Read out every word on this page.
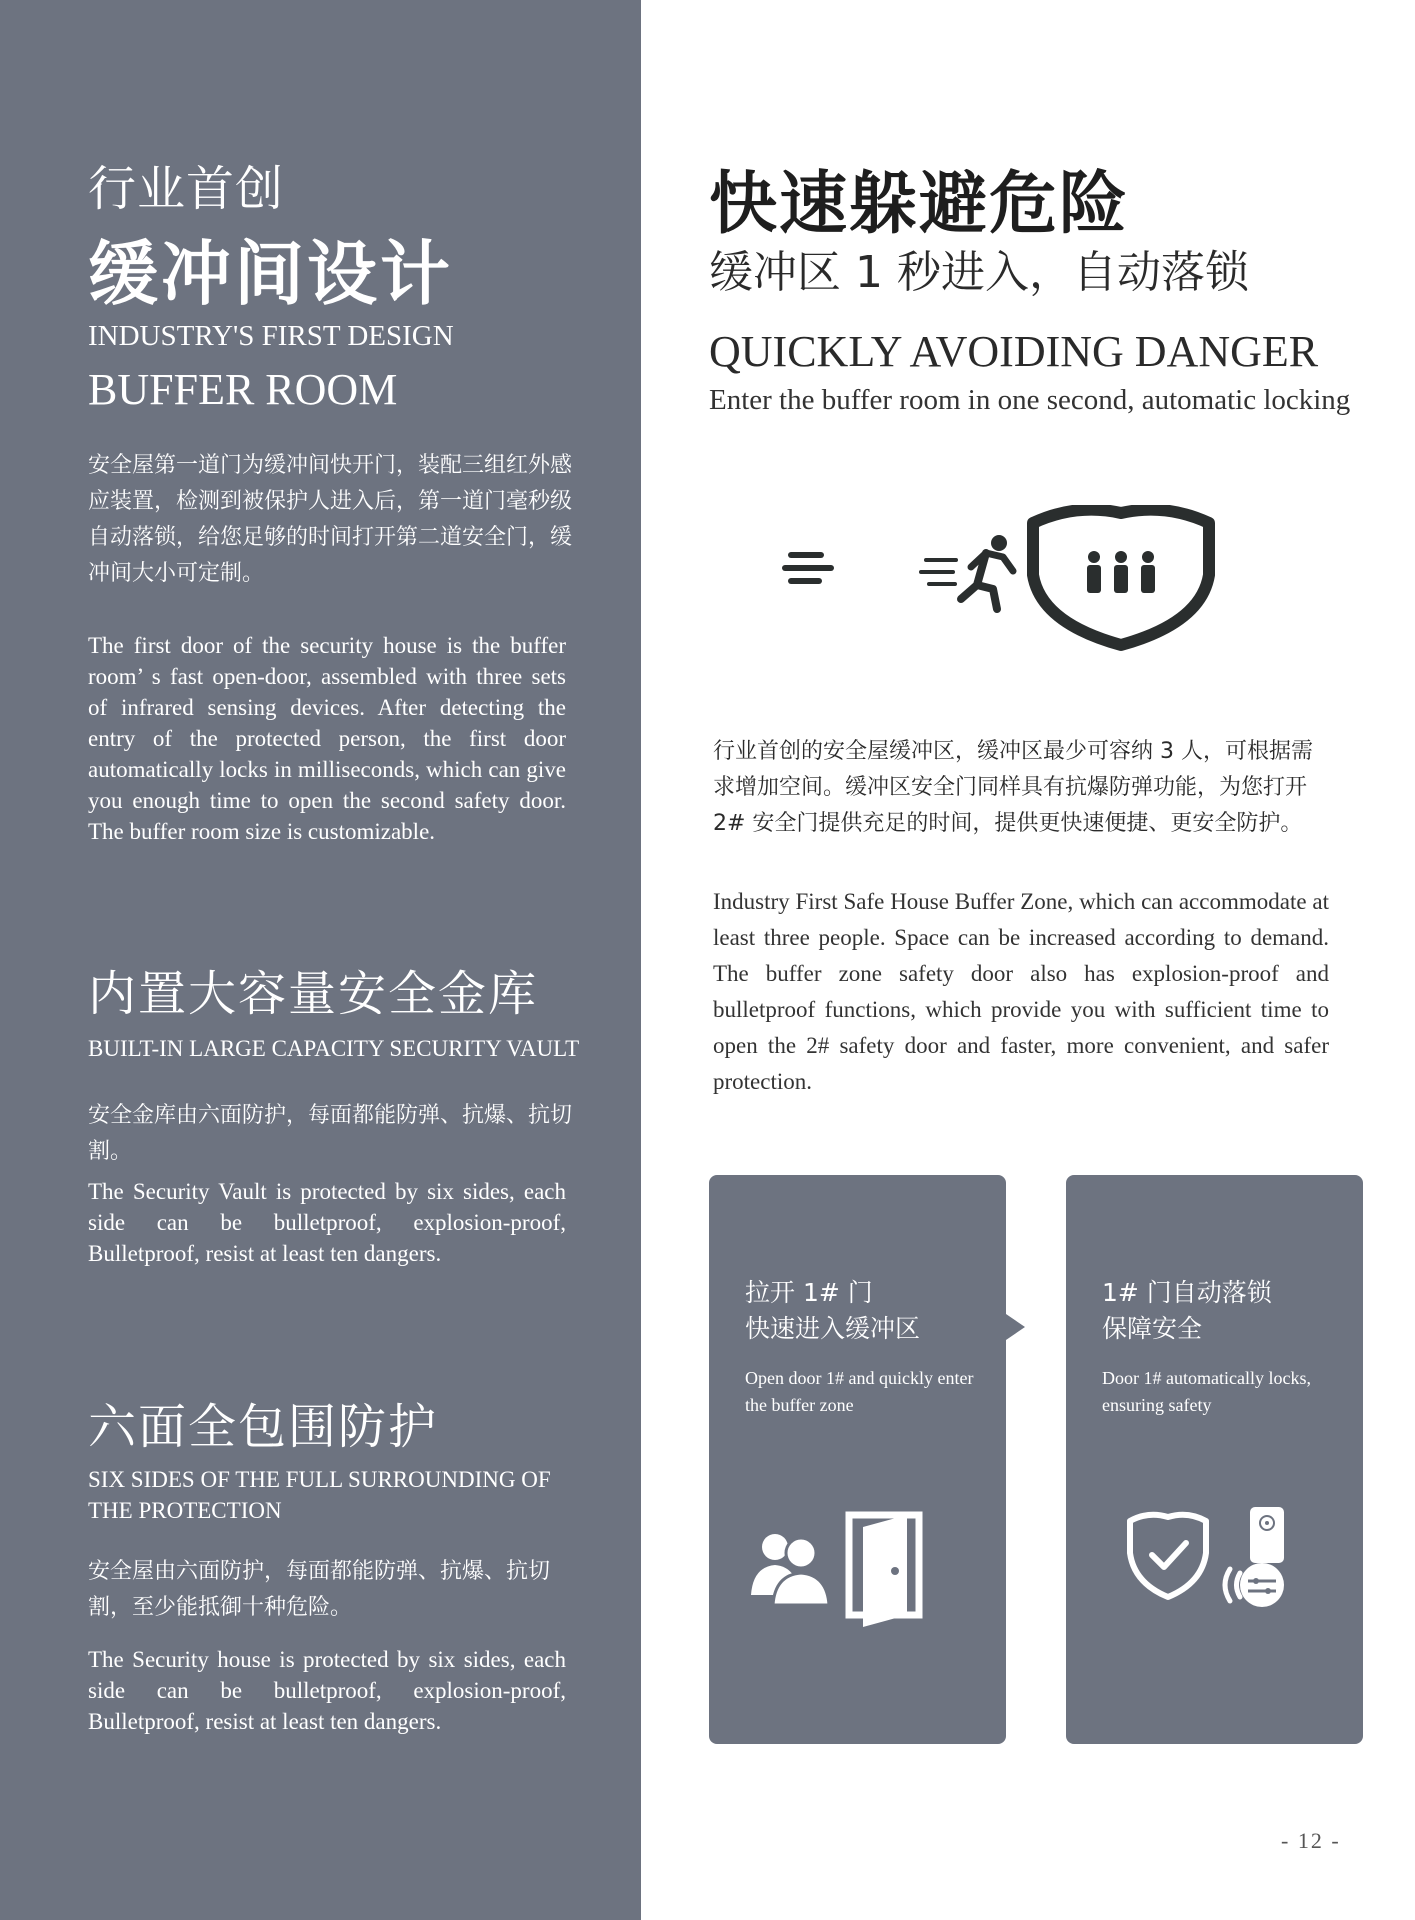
行业首创
缓冲间设计
INDUSTRY'S FIRST DESIGN
BUFFER ROOM
安全屋第一道门为缓冲间快开门，装配三组红外感应装置，检测到被保护人进入后，第一道门毫秒级自动落锁，给您足够的时间打开第二道安全门，缓冲间大小可定制。
The first door of the security house is the buffer room’ s fast open-door, assembled with three sets of infrared sensing devices. After detecting the entry of the protected person, the first door automatically locks in milliseconds, which can give you enough time to open the second safety door. The buffer room size is customizable.
内置大容量安全金库
BUILT-IN LARGE CAPACITY SECURITY VAULT
安全金库由六面防护，每面都能防弹、抗爆、抗切割。
The Security Vault is protected by six sides, each side can be bulletproof, explosion-proof, Bulletproof, resist at least ten dangers.
六面全包围防护
SIX SIDES OF THE FULL SURROUNDING OF THE PROTECTION
安全屋由六面防护，每面都能防弹、抗爆、抗切割，至少能抵御十种危险。
The Security house is protected by six sides, each side can be bulletproof, explosion-proof, Bulletproof, resist at least ten dangers.
快速躲避危险
缓冲区 1 秒进入，自动落锁
QUICKLY AVOIDING DANGER
Enter the buffer room in one second, automatic locking
行业首创的安全屋缓冲区，缓冲区最少可容纳 3 人，可根据需求增加空间。缓冲区安全门同样具有抗爆防弹功能，为您打开 2# 安全门提供充足的时间，提供更快速便捷、更安全防护。
Industry First Safe House Buffer Zone, which can accommodate at least three people. Space can be increased according to demand. The buffer zone safety door also has explosion-proof and bulletproof functions, which provide you with sufficient time to open the 2# safety door and faster, more convenient, and safer protection.
拉开 1# 门
快速进入缓冲区
Open door 1# and quickly enter the buffer zone
1# 门自动落锁
保障安全
Door 1# automatically locks, ensuring safety
- 12 -
